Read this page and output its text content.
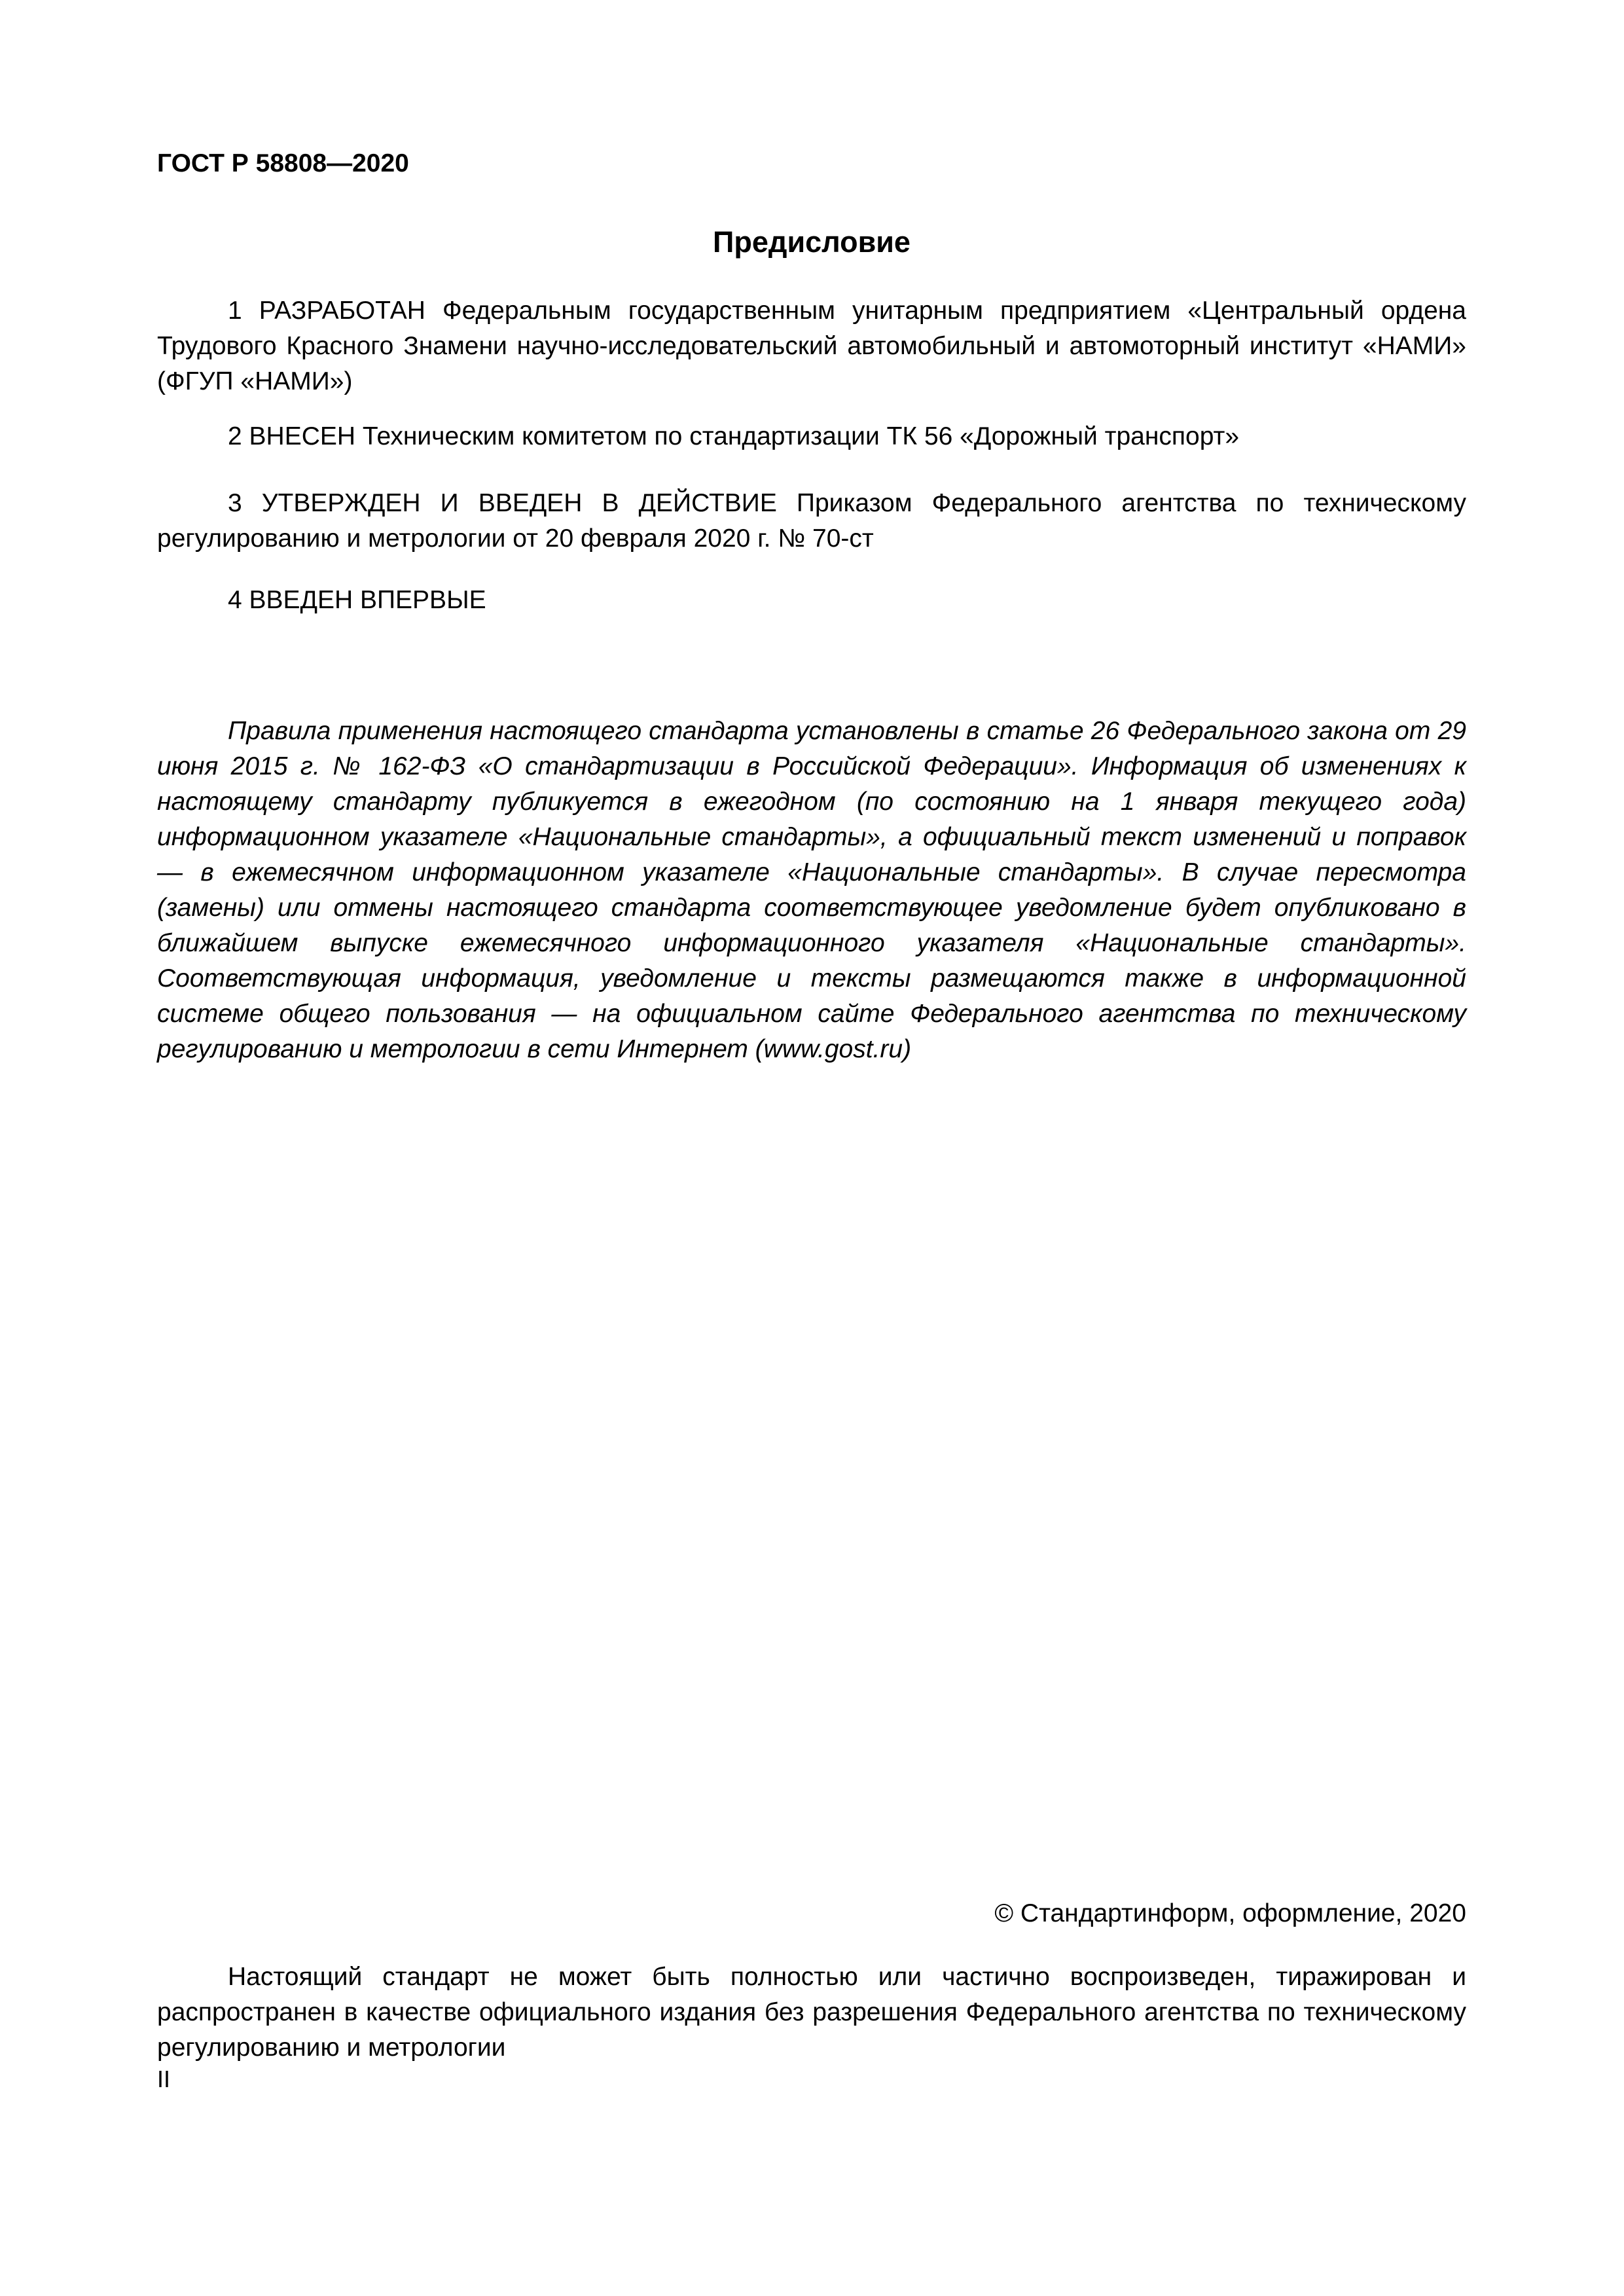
ГОСТ Р 58808—2020

Предисловие

1 РАЗРАБОТАН Федеральным государственным унитарным предприятием «Центральный ордена Трудового Красного Знамени научно-исследовательский автомобильный и автомоторный институт «НАМИ» (ФГУП «НАМИ»)

2 ВНЕСЕН Техническим комитетом по стандартизации ТК 56 «Дорожный транспорт»

3 УТВЕРЖДЕН И ВВЕДЕН В ДЕЙСТВИЕ Приказом Федерального агентства по техническому регулированию и метрологии от 20 февраля 2020 г. № 70-ст

4 ВВЕДЕН ВПЕРВЫЕ

Правила применения настоящего стандарта установлены в статье 26 Федерального закона от 29 июня 2015 г. № 162-ФЗ «О стандартизации в Российской Федерации». Информация об изменениях к настоящему стандарту публикуется в ежегодном (по состоянию на 1 января текущего года) информационном указателе «Национальные стандарты», а официальный текст изменений и поправок — в ежемесячном информационном указателе «Национальные стандарты». В случае пересмотра (замены) или отмены настоящего стандарта соответствующее уведомление будет опубликовано в ближайшем выпуске ежемесячного информационного указателя «Национальные стандарты». Соответствующая информация, уведомление и тексты размещаются также в информационной системе общего пользования — на официальном сайте Федерального агентства по техническому регулированию и метрологии в сети Интернет (www.gost.ru)

© Стандартинформ, оформление, 2020

Настоящий стандарт не может быть полностью или частично воспроизведен, тиражирован и распространен в качестве официального издания без разрешения Федерального агентства по техническому регулированию и метрологии

II
